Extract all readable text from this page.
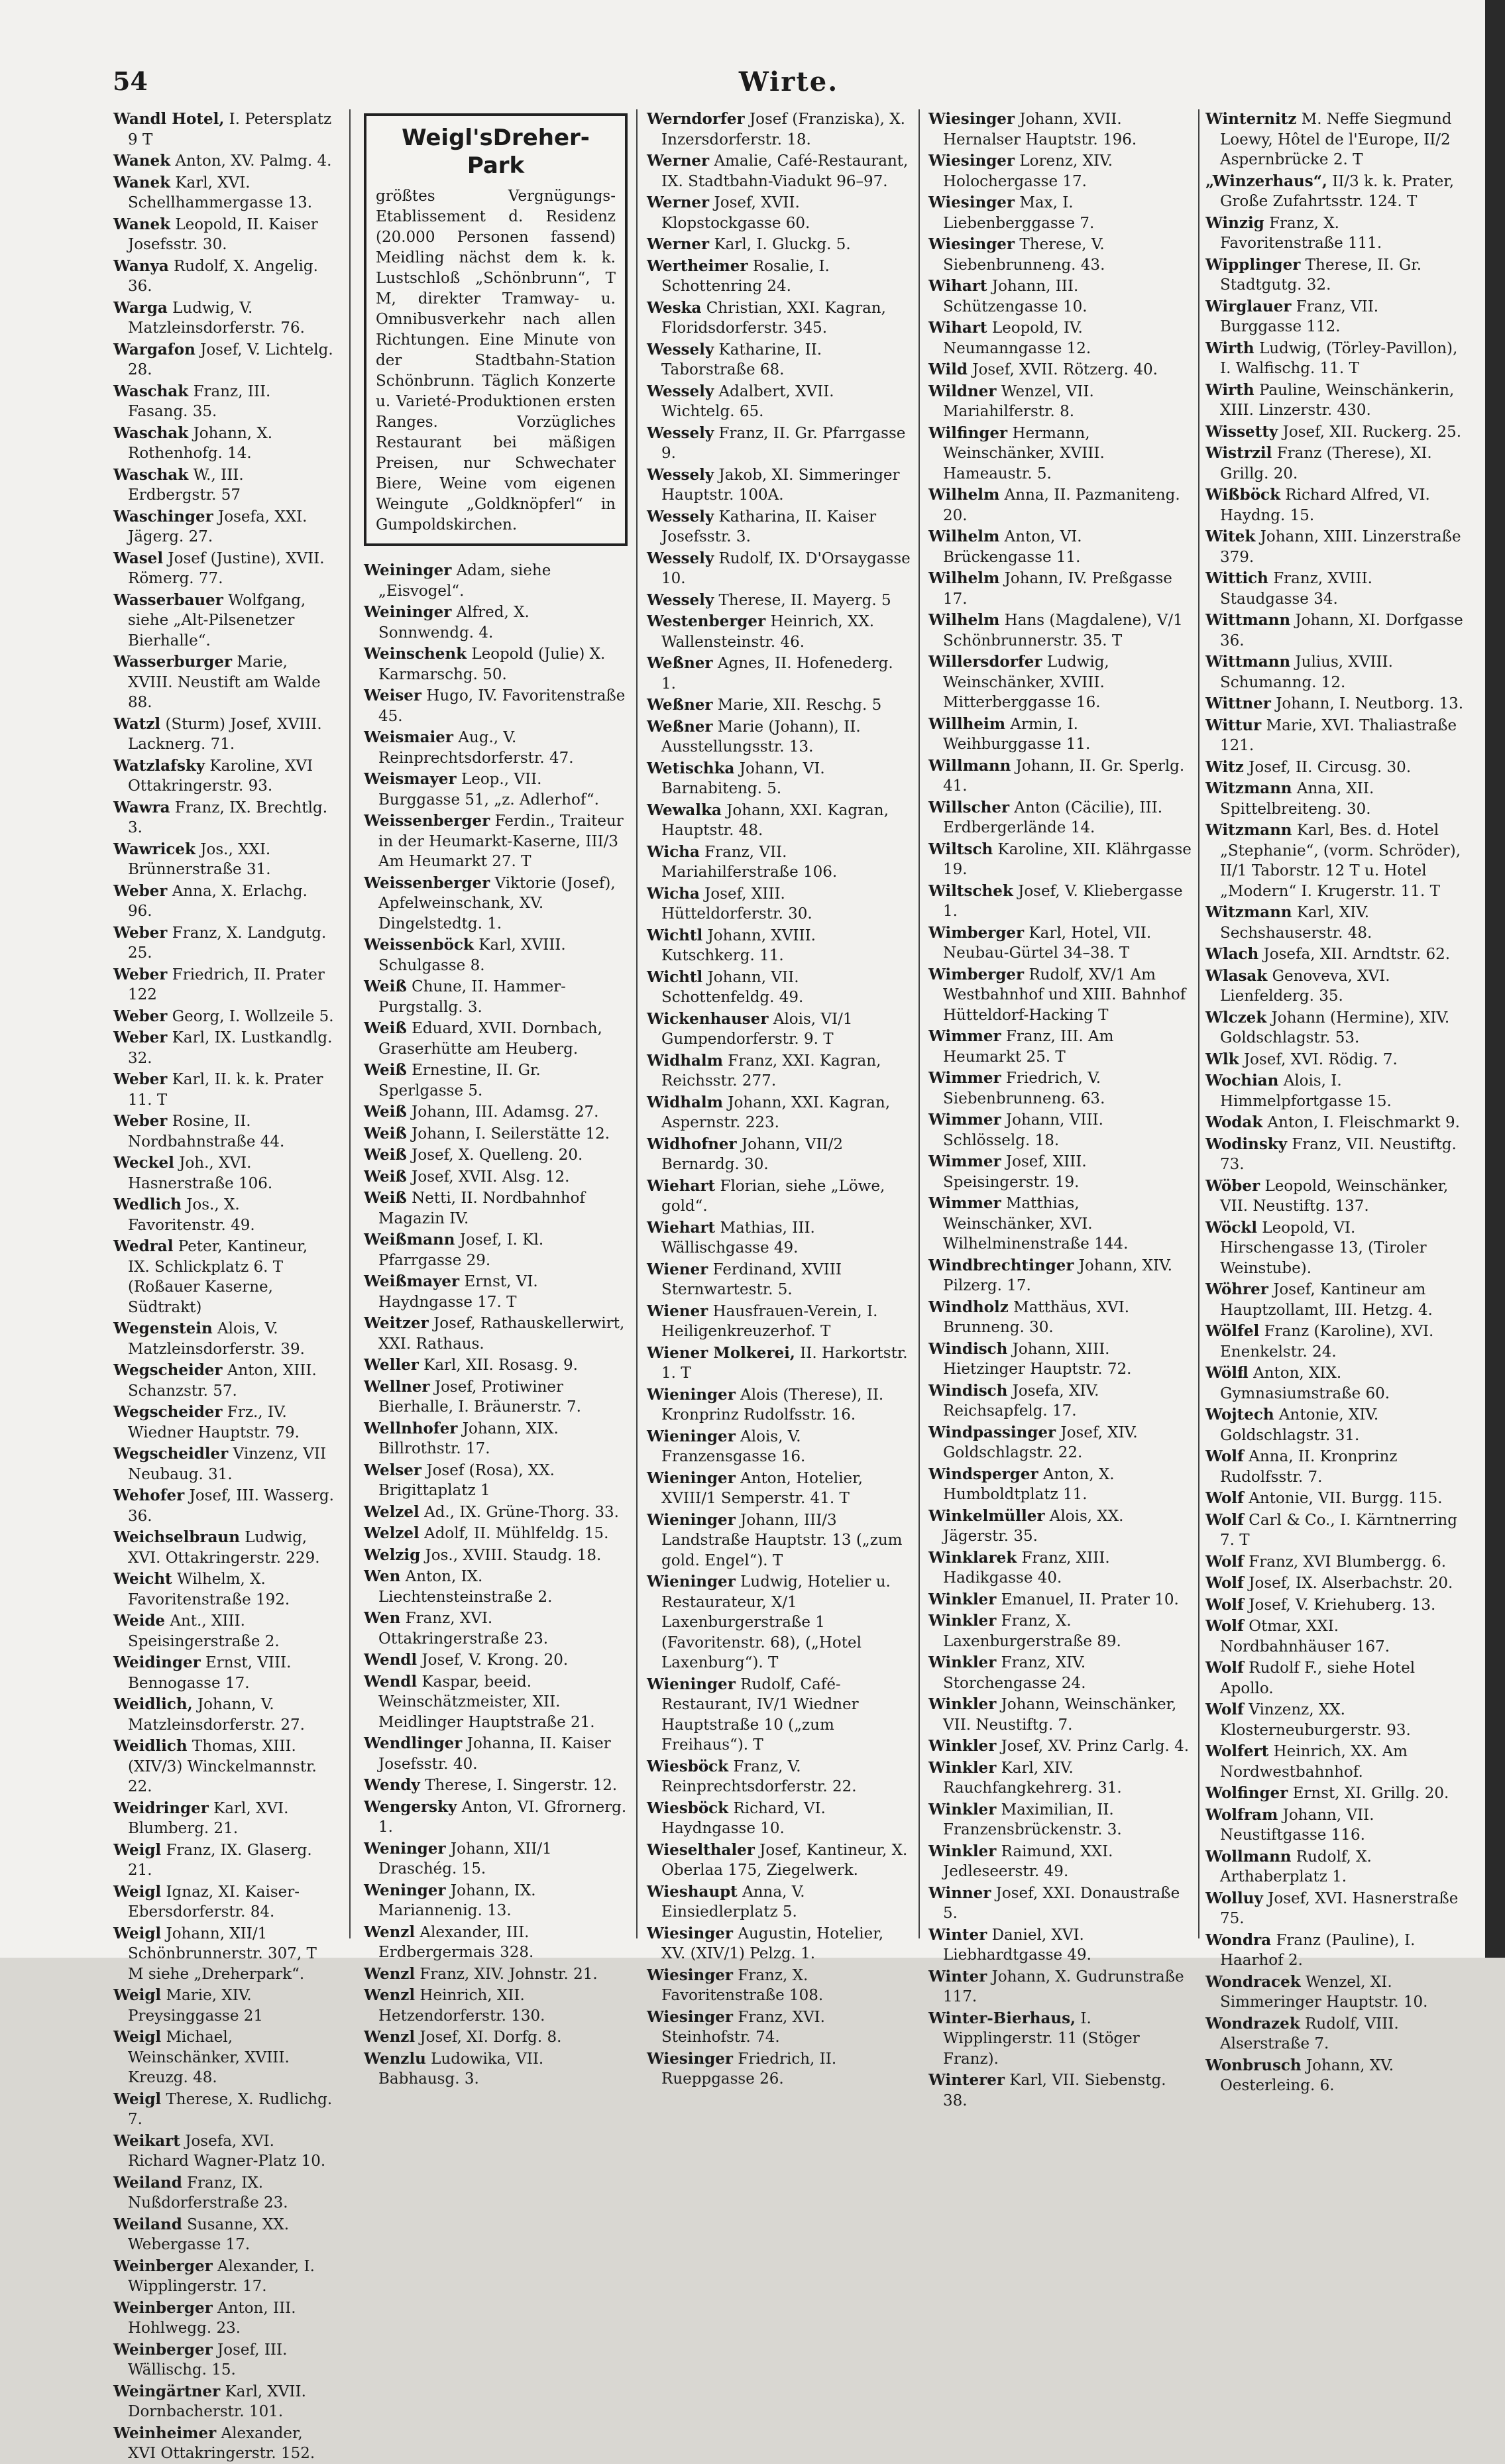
54	Wirte.
Wandl Hotel, I. Petersplatz 9 T
Wanek Anton, XV. Palmg. 4.
Wanek Karl, XVI. Schellhammergasse 13.
Wanek Leopold, II. Kaiser Josefsstr. 30.
Wanya Rudolf, X. Angelig. 36.
Warga Ludwig, V. Matzleinsdorferstr. 76.
Wargafon Josef, V. Lichtelg. 28.
Waschak Franz, III. Fasang. 35.
Waschak Johann, X. Rothenhofg. 14.
Waschak W., III. Erdbergstr. 57
Waschinger Josefa, XXI. Jägerg. 27.
Wasel Josef (Justine), XVII. Römerg. 77.
Wasserbauer Wolfgang, siehe „Alt-Pilsenetzer Bierhalle“.
Wasserburger Marie, XVIII. Neustift am Walde 88.
Watzl (Sturm) Josef, XVIII. Lacknerg. 71.
Watzlafsky Karoline, XVI Ottakringerstr. 93.
Wawra Franz, IX. Brechtlg. 3.
Wawricek Jos., XXI. Brünnerstraße 31.
Weber Anna, X. Erlachg. 96.
Weber Franz, X. Landgutg. 25.
Weber Friedrich, II. Prater 122
Weber Georg, I. Wollzeile 5.
Weber Karl, IX. Lustkandlg. 32.
Weber Karl, II. k. k. Prater 11. T
Weber Rosine, II. Nordbahnstraße 44.
Weckel Joh., XVI. Hasnerstraße 106.
Wedlich Jos., X. Favoritenstr. 49.
Wedral Peter, Kantineur, IX. Schlickplatz 6. T (Roßauer Kaserne, Südtrakt)
Wegenstein Alois, V. Matzleinsdorferstr. 39.
Wegscheider Anton, XIII. Schanzstr. 57.
Wegscheider Frz., IV. Wiedner Hauptstr. 79.
Wegscheidler Vinzenz, VII Neubaug. 31.
Wehofer Josef, III. Wasserg. 36.
Weichselbraun Ludwig, XVI. Ottakringerstr. 229.
Weicht Wilhelm, X. Favoritenstraße 192.
Weide Ant., XIII. Speisingerstraße 2.
Weidinger Ernst, VIII. Bennogasse 17.
Weidlich, Johann, V. Matzleinsdorferstr. 27.
Weidlich Thomas, XIII. (XIV/3) Winckelmannstr. 22.
Weidringer Karl, XVI. Blumberg. 21.
Weigl Franz, IX. Glaserg. 21.
Weigl Ignaz, XI. Kaiser-Ebersdorferstr. 84.
Weigl Johann, XII/1 Schönbrunnerstr. 307, T M siehe „Dreherpark“.
Weigl Marie, XIV. Preysinggasse 21
Weigl Michael, Weinschänker, XVIII. Kreuzg. 48.
Weigl Therese, X. Rudlichg. 7.
Weikart Josefa, XVI. Richard Wagner-Platz 10.
Weiland Franz, IX. Nußdorferstraße 23.
Weiland Susanne, XX. Webergasse 17.
Weinberger Alexander, I. Wipplingerstr. 17.
Weinberger Anton, III. Hohlwegg. 23.
Weinberger Josef, III. Wällischg. 15.
Weingärtner Karl, XVII. Dornbacherstr. 101.
Weinheimer Alexander, XVI Ottakringerstr. 152.
Weigl'sDreher-Park
größtes Vergnügungs-Etablissement d. Residenz (20.000 Personen fassend) Meidling nächst dem k. k. Lustschloß „Schönbrunn“, T M, direkter Tramway- u. Omnibusverkehr nach allen Richtungen. Eine Minute von der Stadtbahn-Station Schönbrunn. Täglich Konzerte u. Varieté-Produktionen ersten Ranges. Vorzügliches Restaurant bei mäßigen Preisen, nur Schwechater Biere, Weine vom eigenen Weingute „Goldknöpferl“ in Gumpoldskirchen.
Weininger Adam, siehe „Eisvogel“.
Weininger Alfred, X. Sonnwendg. 4.
Weinschenk Leopold (Julie) X. Karmarschg. 50.
Weiser Hugo, IV. Favoritenstraße 45.
Weismaier Aug., V. Reinprechtsdorferstr. 47.
Weismayer Leop., VII. Burggasse 51, „z. Adlerhof“.
Weissenberger Ferdin., Traiteur in der Heumarkt-Kaserne, III/3 Am Heumarkt 27. T
Weissenberger Viktorie (Josef), Apfelweinschank, XV. Dingelstedtg. 1.
Weissenböck Karl, XVIII. Schulgasse 8.
Weiß Chune, II. Hammer-Purgstallg. 3.
Weiß Eduard, XVII. Dornbach, Graserhütte am Heuberg.
Weiß Ernestine, II. Gr. Sperlgasse 5.
Weiß Johann, III. Adamsg. 27.
Weiß Johann, I. Seilerstätte 12.
Weiß Josef, X. Quelleng. 20.
Weiß Josef, XVII. Alsg. 12.
Weiß Netti, II. Nordbahnhof Magazin IV.
Weißmann Josef, I. Kl. Pfarrgasse 29.
Weißmayer Ernst, VI. Haydngasse 17. T
Weitzer Josef, Rathauskellerwirt, XXI. Rathaus.
Weller Karl, XII. Rosasg. 9.
Wellner Josef, Protiwiner Bierhalle, I. Bräunerstr. 7.
Wellnhofer Johann, XIX. Billrothstr. 17.
Welser Josef (Rosa), XX. Brigittaplatz 1
Welzel Ad., IX. Grüne-Thorg. 33.
Welzel Adolf, II. Mühlfeldg. 15.
Welzig Jos., XVIII. Staudg. 18.
Wen Anton, IX. Liechtensteinstraße 2.
Wen Franz, XVI. Ottakringerstraße 23.
Wendl Josef, V. Krong. 20.
Wendl Kaspar, beeid. Weinschätzmeister, XII. Meidlinger Hauptstraße 21.
Wendlinger Johanna, II. Kaiser Josefsstr. 40.
Wendy Therese, I. Singerstr. 12.
Wengersky Anton, VI. Gfrornerg. 1.
Weninger Johann, XII/1 Draschég. 15.
Weninger Johann, IX. Mariannenig. 13.
Wenzl Alexander, III. Erdbergermais 328.
Wenzl Franz, XIV. Johnstr. 21.
Wenzl Heinrich, XII. Hetzendorferstr. 130.
Wenzl Josef, XI. Dorfg. 8.
Wenzlu Ludowika, VII. Babhausg. 3.
Werndorfer Josef (Franziska), X. Inzersdorferstr. 18.
Werner Amalie, Café-Restaurant, IX. Stadtbahn-Viadukt 96–97.
Werner Josef, XVII. Klopstockgasse 60.
Werner Karl, I. Gluckg. 5.
Wertheimer Rosalie, I. Schottenring 24.
Weska Christian, XXI. Kagran, Floridsdorferstr. 345.
Wessely Katharine, II. Taborstraße 68.
Wessely Adalbert, XVII. Wichtelg. 65.
Wessely Franz, II. Gr. Pfarrgasse 9.
Wessely Jakob, XI. Simmeringer Hauptstr. 100A.
Wessely Katharina, II. Kaiser Josefsstr. 3.
Wessely Rudolf, IX. D'Orsaygasse 10.
Wessely Therese, II. Mayerg. 5
Westenberger Heinrich, XX. Wallensteinstr. 46.
Weßner Agnes, II. Hofenederg. 1.
Weßner Marie, XII. Reschg. 5
Weßner Marie (Johann), II. Ausstellungsstr. 13.
Wetischka Johann, VI. Barnabiteng. 5.
Wewalka Johann, XXI. Kagran, Hauptstr. 48.
Wicha Franz, VII. Mariahilferstraße 106.
Wicha Josef, XIII. Hütteldorferstr. 30.
Wichtl Johann, XVIII. Kutschkerg. 11.
Wichtl Johann, VII. Schottenfeldg. 49.
Wickenhauser Alois, VI/1 Gumpendorferstr. 9. T
Widhalm Franz, XXI. Kagran, Reichsstr. 277.
Widhalm Johann, XXI. Kagran, Aspernstr. 223.
Widhofner Johann, VII/2 Bernardg. 30.
Wiehart Florian, siehe „Löwe, gold“.
Wiehart Mathias, III. Wällischgasse 49.
Wiener Ferdinand, XVIII Sternwartestr. 5.
Wiener Hausfrauen-Verein, I. Heiligenkreuzerhof. T
Wiener Molkerei, II. Harkortstr. 1. T
Wieninger Alois (Therese), II. Kronprinz Rudolfsstr. 16.
Wieninger Alois, V. Franzensgasse 16.
Wieninger Anton, Hotelier, XVIII/1 Semperstr. 41. T
Wieninger Johann, III/3 Landstraße Hauptstr. 13 („zum gold. Engel“). T
Wieninger Ludwig, Hotelier u. Restaurateur, X/1 Laxenburgerstraße 1 (Favoritenstr. 68), („Hotel Laxenburg“). T
Wieninger Rudolf, Café-Restaurant, IV/1 Wiedner Hauptstraße 10 („zum Freihaus“). T
Wiesböck Franz, V. Reinprechtsdorferstr. 22.
Wiesböck Richard, VI. Haydngasse 10.
Wieselthaler Josef, Kantineur, X. Oberlaa 175, Ziegelwerk.
Wieshaupt Anna, V. Einsiedlerplatz 5.
Wiesinger Augustin, Hotelier, XV. (XIV/1) Pelzg. 1.
Wiesinger Franz, X. Favoritenstraße 108.
Wiesinger Franz, XVI. Steinhofstr. 74.
Wiesinger Friedrich, II. Rueppgasse 26.
Wiesinger Johann, XVII. Hernalser Hauptstr. 196.
Wiesinger Lorenz, XIV. Holochergasse 17.
Wiesinger Max, I. Liebenberggasse 7.
Wiesinger Therese, V. Siebenbrunneng. 43.
Wihart Johann, III. Schützengasse 10.
Wihart Leopold, IV. Neumanngasse 12.
Wild Josef, XVII. Rötzerg. 40.
Wildner Wenzel, VII. Mariahilferstr. 8.
Wilfinger Hermann, Weinschänker, XVIII. Hameaustr. 5.
Wilhelm Anna, II. Pazmaniteng. 20.
Wilhelm Anton, VI. Brückengasse 11.
Wilhelm Johann, IV. Preßgasse 17.
Wilhelm Hans (Magdalene), V/1 Schönbrunnerstr. 35. T
Willersdorfer Ludwig, Weinschänker, XVIII. Mitterberggasse 16.
Willheim Armin, I. Weihburggasse 11.
Willmann Johann, II. Gr. Sperlg. 41.
Willscher Anton (Cäcilie), III. Erdbergerlände 14.
Wiltsch Karoline, XII. Klährgasse 19.
Wiltschek Josef, V. Kliebergasse 1.
Wimberger Karl, Hotel, VII. Neubau-Gürtel 34–38. T
Wimberger Rudolf, XV/1 Am Westbahnhof und XIII. Bahnhof Hütteldorf-Hacking T
Wimmer Franz, III. Am Heumarkt 25. T
Wimmer Friedrich, V. Siebenbrunneng. 63.
Wimmer Johann, VIII. Schlösselg. 18.
Wimmer Josef, XIII. Speisingerstr. 19.
Wimmer Matthias, Weinschänker, XVI. Wilhelminenstraße 144.
Windbrechtinger Johann, XIV. Pilzerg. 17.
Windholz Matthäus, XVI. Brunneng. 30.
Windisch Johann, XIII. Hietzinger Hauptstr. 72.
Windisch Josefa, XIV. Reichsapfelg. 17.
Windpassinger Josef, XIV. Goldschlagstr. 22.
Windsperger Anton, X. Humboldtplatz 11.
Winkelmüller Alois, XX. Jägerstr. 35.
Winklarek Franz, XIII. Hadikgasse 40.
Winkler Emanuel, II. Prater 10.
Winkler Franz, X. Laxenburgerstraße 89.
Winkler Franz, XIV. Storchengasse 24.
Winkler Johann, Weinschänker, VII. Neustiftg. 7.
Winkler Josef, XV. Prinz Carlg. 4.
Winkler Karl, XIV. Rauchfangkehrerg. 31.
Winkler Maximilian, II. Franzensbrückenstr. 3.
Winkler Raimund, XXI. Jedleseerstr. 49.
Winner Josef, XXI. Donaustraße 5.
Winter Daniel, XVI. Liebhardtgasse 49.
Winter Johann, X. Gudrunstraße 117.
Winter-Bierhaus, I. Wipplingerstr. 11 (Stöger Franz).
Winterer Karl, VII. Siebenstg. 38.
Winternitz M. Neffe Siegmund Loewy, Hôtel de l'Europe, II/2 Aspernbrücke 2. T
„Winzerhaus“, II/3 k. k. Prater, Große Zufahrtsstr. 124. T
Winzig Franz, X. Favoritenstraße 111.
Wipplinger Therese, II. Gr. Stadtgutg. 32.
Wirglauer Franz, VII. Burggasse 112.
Wirth Ludwig, (Törley-Pavillon), I. Walfischg. 11. T
Wirth Pauline, Weinschänkerin, XIII. Linzerstr. 430.
Wissetty Josef, XII. Ruckerg. 25.
Wistrzil Franz (Therese), XI. Grillg. 20.
Wißböck Richard Alfred, VI. Haydng. 15.
Witek Johann, XIII. Linzerstraße 379.
Wittich Franz, XVIII. Staudgasse 34.
Wittmann Johann, XI. Dorfgasse 36.
Wittmann Julius, XVIII. Schumanng. 12.
Wittner Johann, I. Neutborg. 13.
Wittur Marie, XVI. Thaliastraße 121.
Witz Josef, II. Circusg. 30.
Witzmann Anna, XII. Spittelbreiteng. 30.
Witzmann Karl, Bes. d. Hotel „Stephanie“, (vorm. Schröder), II/1 Taborstr. 12 T u. Hotel „Modern“ I. Krugerstr. 11. T
Witzmann Karl, XIV. Sechshauserstr. 48.
Wlach Josefa, XII. Arndtstr. 62.
Wlasak Genoveva, XVI. Lienfelderg. 35.
Wlczek Johann (Hermine), XIV. Goldschlagstr. 53.
Wlk Josef, XVI. Rödig. 7.
Wochian Alois, I. Himmelpfortgasse 15.
Wodak Anton, I. Fleischmarkt 9.
Wodinsky Franz, VII. Neustiftg. 73.
Wöber Leopold, Weinschänker, VII. Neustiftg. 137.
Wöckl Leopold, VI. Hirschengasse 13, (Tiroler Weinstube).
Wöhrer Josef, Kantineur am Hauptzollamt, III. Hetzg. 4.
Wölfel Franz (Karoline), XVI. Enenkelstr. 24.
Wölfl Anton, XIX. Gymnasiumstraße 60.
Wojtech Antonie, XIV. Goldschlagstr. 31.
Wolf Anna, II. Kronprinz Rudolfsstr. 7.
Wolf Antonie, VII. Burgg. 115.
Wolf Carl & Co., I. Kärntnerring 7. T
Wolf Franz, XVI Blumbergg. 6.
Wolf Josef, IX. Alserbachstr. 20.
Wolf Josef, V. Kriehuberg. 13.
Wolf Otmar, XXI. Nordbahnhäuser 167.
Wolf Rudolf F., siehe Hotel Apollo.
Wolf Vinzenz, XX. Klosterneuburgerstr. 93.
Wolfert Heinrich, XX. Am Nordwestbahnhof.
Wolfinger Ernst, XI. Grillg. 20.
Wolfram Johann, VII. Neustiftgasse 116.
Wollmann Rudolf, X. Arthaberplatz 1.
Wolluy Josef, XVI. Hasnerstraße 75.
Wondra Franz (Pauline), I. Haarhof 2.
Wondracek Wenzel, XI. Simmeringer Hauptstr. 10.
Wondrazek Rudolf, VIII. Alserstraße 7.
Wonbrusch Johann, XV. Oesterleing. 6.
